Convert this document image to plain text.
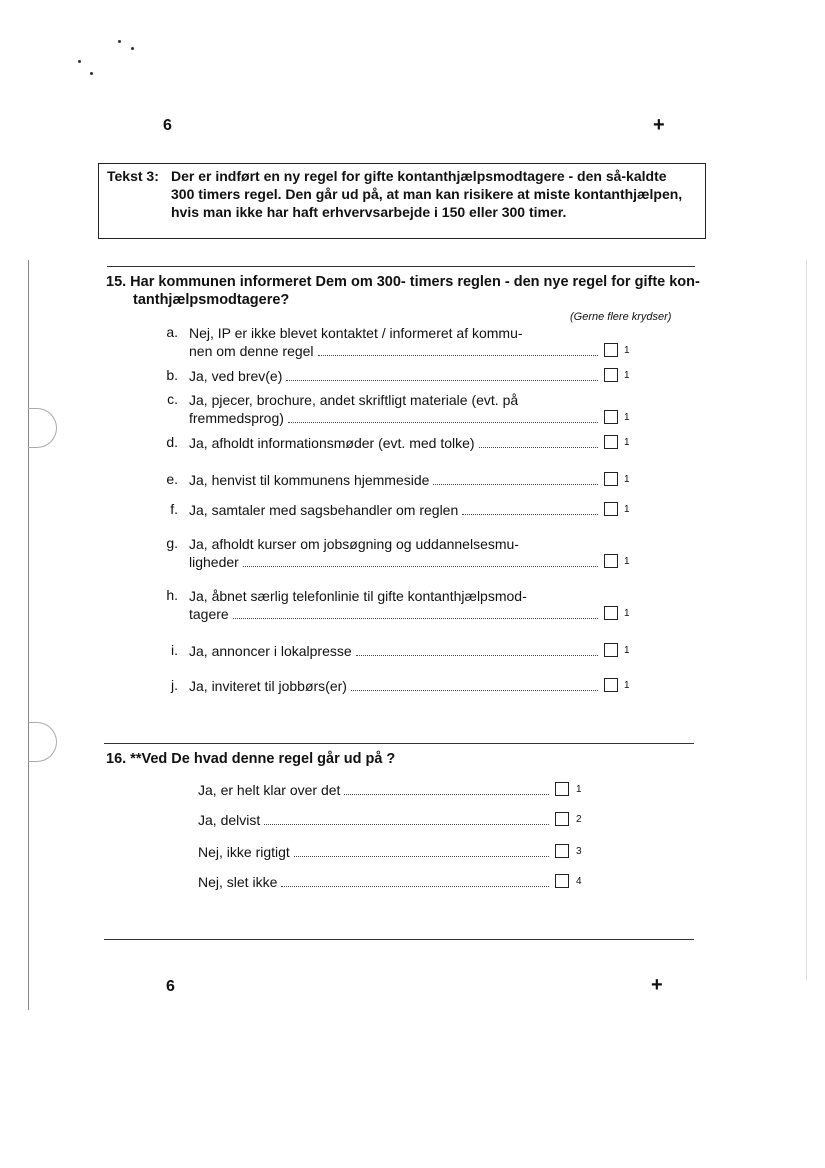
6	+
Tekst 3: Der er indført en ny regel for gifte kontanthjælpsmodtagere - den så-kaldte 300 timers regel. Den går ud på, at man kan risikere at miste kontanthjælpen, hvis man ikke har haft erhvervsarbejde i 150 eller 300 timer.
15. Har kommunen informeret Dem om 300- timers reglen - den nye regel for gifte kon-
tanthjælpsmodtagere?
(Gerne flere krydser)
a. Nej, IP er ikke blevet kontaktet / informeret af kommu-
nen om denne regel	1
b. Ja, ved brev(e)	1
c. Ja, pjecer, brochure, andet skriftligt materiale (evt. på
fremmedsprog)	1
d. Ja, afholdt informationsmøder (evt. med tolke)	1
e. Ja, henvist til kommunens hjemmeside	1
f. Ja, samtaler med sagsbehandler om reglen	1
g. Ja, afholdt kurser om jobsøgning og uddannelsesmu-
ligheder	1
h. Ja, åbnet særlig telefonlinie til gifte kontanthjælpsmod-
tagere	1
i. Ja, annoncer i lokalpresse	1
j. Ja, inviteret til jobbørs(er)	1
16. **Ved De hvad denne regel går ud på ?
Ja, er helt klar over det	1
Ja, delvist	2
Nej, ikke rigtigt	3
Nej, slet ikke	4
6	+
